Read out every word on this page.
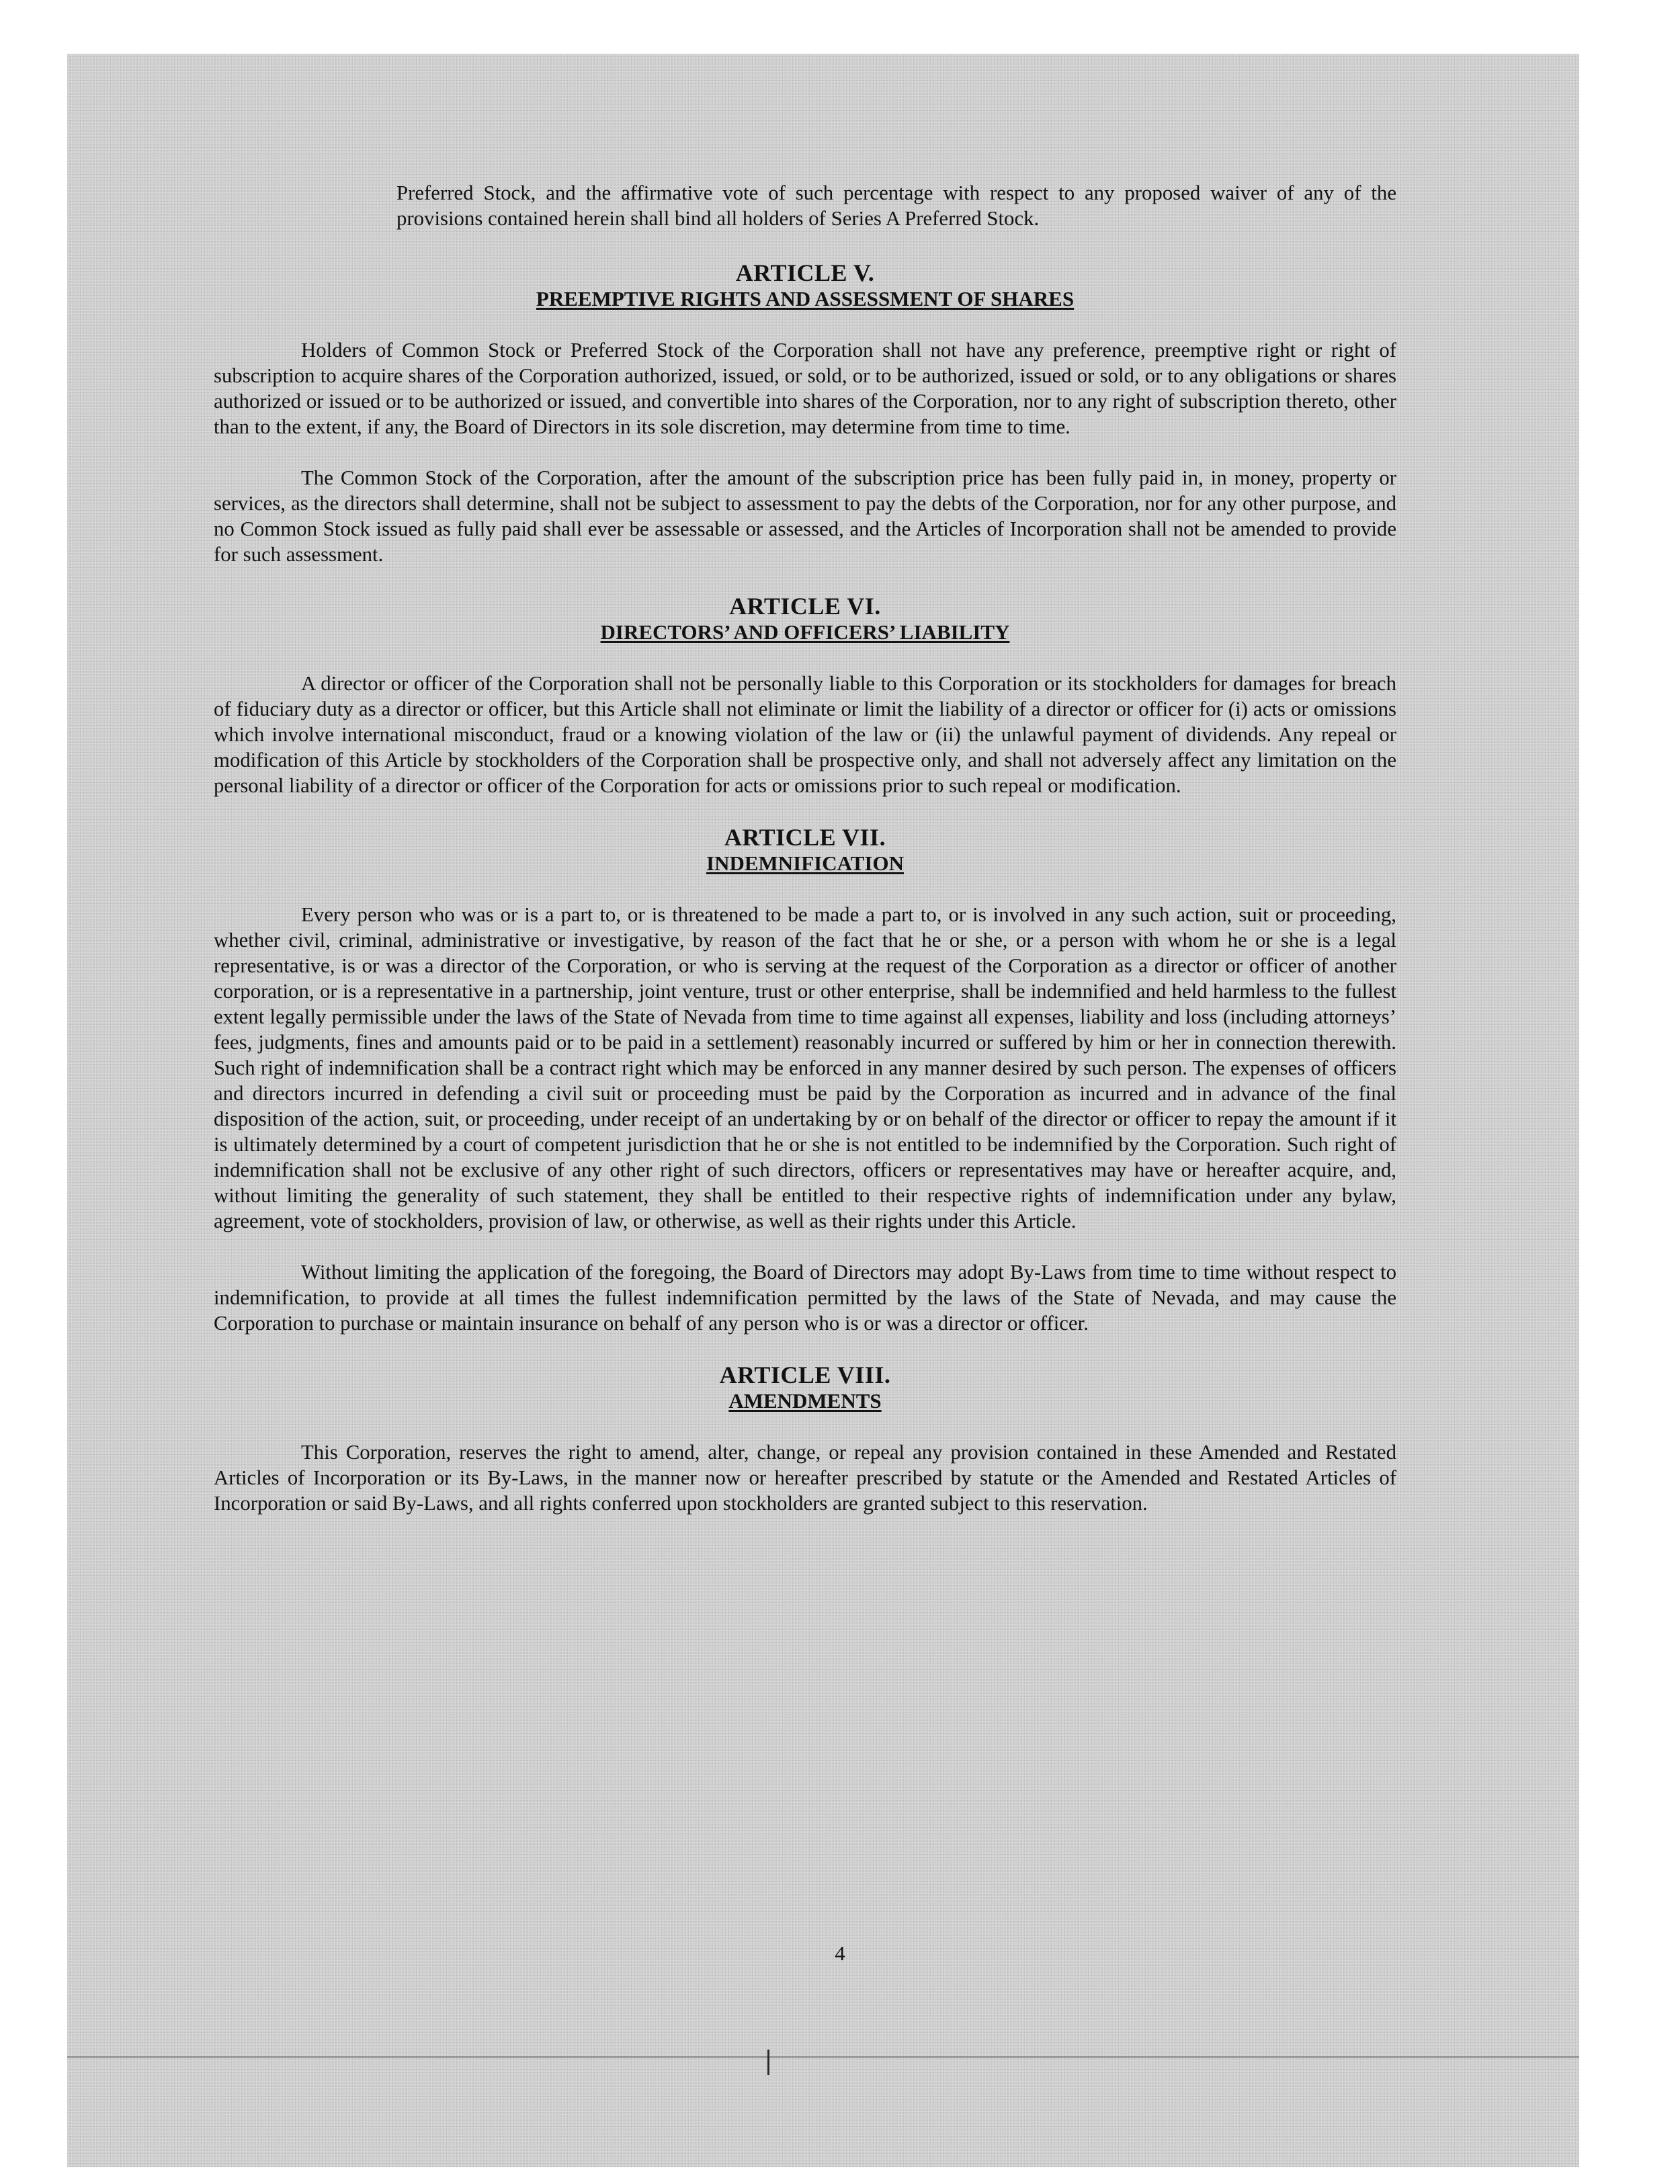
Preferred Stock, and the affirmative vote of such percentage with respect to any proposed waiver of any of the provisions contained herein shall bind all holders of Series A Preferred Stock.

ARTICLE V.
PREEMPTIVE RIGHTS AND ASSESSMENT OF SHARES

Holders of Common Stock or Preferred Stock of the Corporation shall not have any preference, preemptive right or right of subscription to acquire shares of the Corporation authorized, issued, or sold, or to be authorized, issued or sold, or to any obligations or shares authorized or issued or to be authorized or issued, and convertible into shares of the Corporation, nor to any right of subscription thereto, other than to the extent, if any, the Board of Directors in its sole discretion, may determine from time to time.

The Common Stock of the Corporation, after the amount of the subscription price has been fully paid in, in money, property or services, as the directors shall determine, shall not be subject to assessment to pay the debts of the Corporation, nor for any other purpose, and no Common Stock issued as fully paid shall ever be assessable or assessed, and the Articles of Incorporation shall not be amended to provide for such assessment.

ARTICLE VI.
DIRECTORS’ AND OFFICERS’ LIABILITY

A director or officer of the Corporation shall not be personally liable to this Corporation or its stockholders for damages for breach of fiduciary duty as a director or officer, but this Article shall not eliminate or limit the liability of a director or officer for (i) acts or omissions which involve international misconduct, fraud or a knowing violation of the law or (ii) the unlawful payment of dividends. Any repeal or modification of this Article by stockholders of the Corporation shall be prospective only, and shall not adversely affect any limitation on the personal liability of a director or officer of the Corporation for acts or omissions prior to such repeal or modification.

ARTICLE VII.
INDEMNIFICATION

Every person who was or is a part to, or is threatened to be made a part to, or is involved in any such action, suit or proceeding, whether civil, criminal, administrative or investigative, by reason of the fact that he or she, or a person with whom he or she is a legal representative, is or was a director of the Corporation, or who is serving at the request of the Corporation as a director or officer of another corporation, or is a representative in a partnership, joint venture, trust or other enterprise, shall be indemnified and held harmless to the fullest extent legally permissible under the laws of the State of Nevada from time to time against all expenses, liability and loss (including attorneys’ fees, judgments, fines and amounts paid or to be paid in a settlement) reasonably incurred or suffered by him or her in connection therewith. Such right of indemnification shall be a contract right which may be enforced in any manner desired by such person. The expenses of officers and directors incurred in defending a civil suit or proceeding must be paid by the Corporation as incurred and in advance of the final disposition of the action, suit, or proceeding, under receipt of an undertaking by or on behalf of the director or officer to repay the amount if it is ultimately determined by a court of competent jurisdiction that he or she is not entitled to be indemnified by the Corporation. Such right of indemnification shall not be exclusive of any other right of such directors, officers or representatives may have or hereafter acquire, and, without limiting the generality of such statement, they shall be entitled to their respective rights of indemnification under any bylaw, agreement, vote of stockholders, provision of law, or otherwise, as well as their rights under this Article.

Without limiting the application of the foregoing, the Board of Directors may adopt By-Laws from time to time without respect to indemnification, to provide at all times the fullest indemnification permitted by the laws of the State of Nevada, and may cause the Corporation to purchase or maintain insurance on behalf of any person who is or was a director or officer.

ARTICLE VIII.
AMENDMENTS

This Corporation, reserves the right to amend, alter, change, or repeal any provision contained in these Amended and Restated Articles of Incorporation or its By-Laws, in the manner now or hereafter prescribed by statute or the Amended and Restated Articles of Incorporation or said By-Laws, and all rights conferred upon stockholders are granted subject to this reservation.

4
